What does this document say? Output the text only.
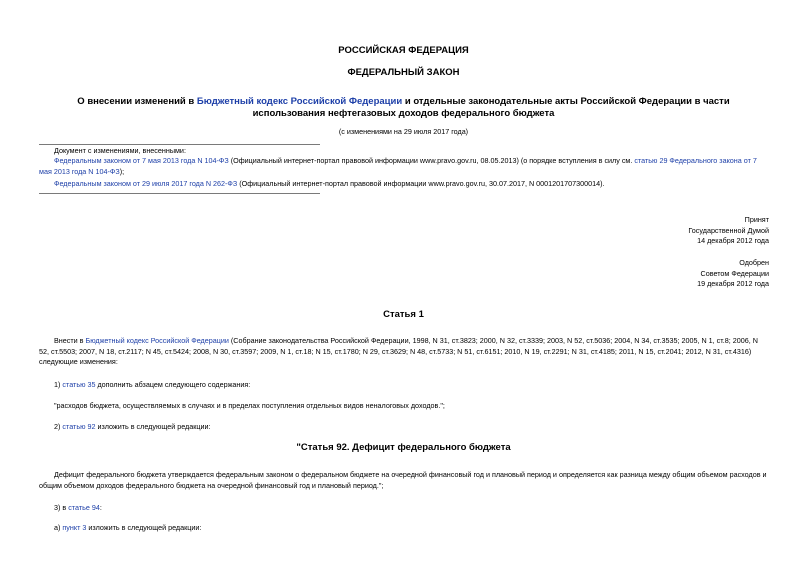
РОССИЙСКАЯ ФЕДЕРАЦИЯ
ФЕДЕРАЛЬНЫЙ ЗАКОН
О внесении изменений в Бюджетный кодекс Российской Федерации и отдельные законодательные акты Российской Федерации в части использования нефтегазовых доходов федерального бюджета
(с изменениями на 29 июля 2017 года)
Документ с изменениями, внесенными:
Федеральным законом от 7 мая 2013 года N 104-ФЗ (Официальный интернет-портал правовой информации www.pravo.gov.ru, 08.05.2013) (о порядке вступления в силу см. статью 29 Федерального закона от 7 мая 2013 года N 104-ФЗ);
Федеральным законом от 29 июля 2017 года N 262-ФЗ (Официальный интернет-портал правовой информации www.pravo.gov.ru, 30.07.2017, N 0001201707300014).
Принят
Государственной Думой
14 декабря 2012 года
Одобрен
Советом Федерации
19 декабря 2012 года
Статья 1
Внести в Бюджетный кодекс Российской Федерации (Собрание законодательства Российской Федерации, 1998, N 31, ст.3823; 2000, N 32, ст.3339; 2003, N 52, ст.5036; 2004, N 34, ст.3535; 2005, N 1, ст.8; 2006, N 52, ст.5503; 2007, N 18, ст.2117; N 45, ст.5424; 2008, N 30, ст.3597; 2009, N 1, ст.18; N 15, ст.1780; N 29, ст.3629; N 48, ст.5733; N 51, ст.6151; 2010, N 19, ст.2291; N 31, ст.4185; 2011, N 15, ст.2041; 2012, N 31, ст.4316) следующие изменения:
1) статью 35 дополнить абзацем следующего содержания:
"расходов бюджета, осуществляемых в случаях и в пределах поступления отдельных видов неналоговых доходов.";
2) статью 92 изложить в следующей редакции:
"Статья 92. Дефицит федерального бюджета
Дефицит федерального бюджета утверждается федеральным законом о федеральном бюджете на очередной финансовый год и плановый период и определяется как разница между общим объемом расходов и общим объемом доходов федерального бюджета на очередной финансовый год и плановый период.";
3) в статье 94:
а) пункт 3 изложить в следующей редакции:
